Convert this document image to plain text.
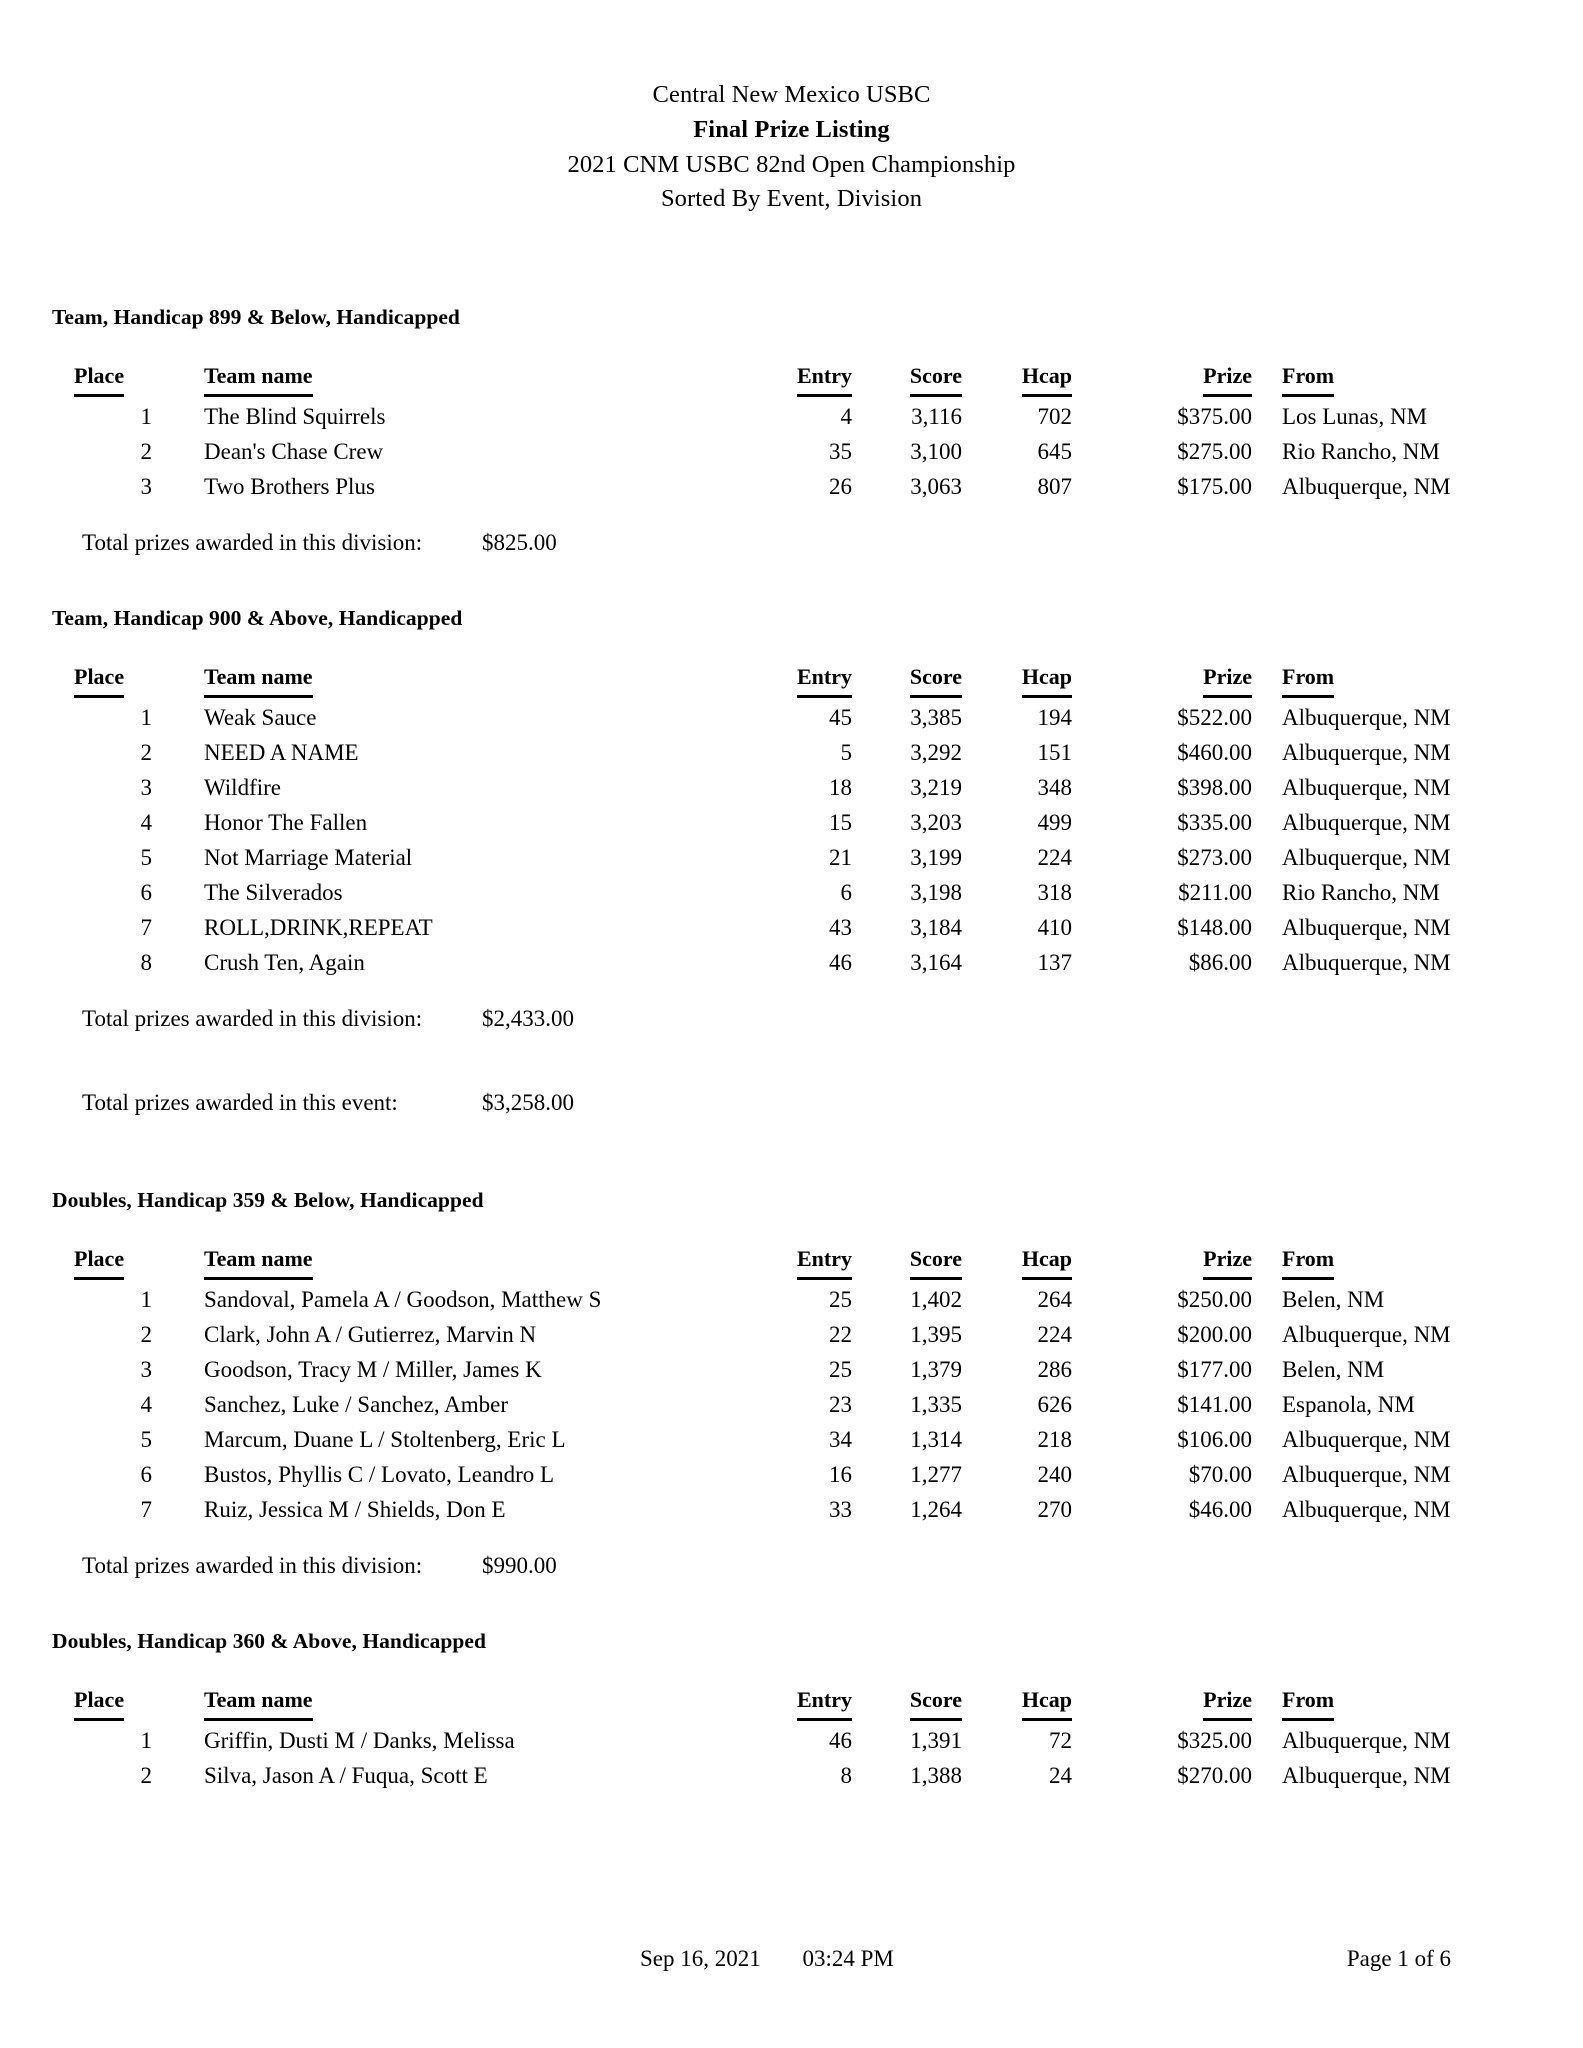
Central New Mexico USBC
Final Prize Listing
2021 CNM USBC 82nd Open Championship
Sorted By Event, Division
Team, Handicap 899 & Below, Handicapped
Place	Team name	Entry	Score	Hcap	Prize	From
1	The Blind Squirrels	4	3,116	702	$375.00	Los Lunas, NM
2	Dean's Chase Crew	35	3,100	645	$275.00	Rio Rancho, NM
3	Two Brothers Plus	26	3,063	807	$175.00	Albuquerque, NM
Total prizes awarded in this division:	$825.00
Team, Handicap 900 & Above, Handicapped
Place	Team name	Entry	Score	Hcap	Prize	From
1	Weak Sauce	45	3,385	194	$522.00	Albuquerque, NM
2	NEED A NAME	5	3,292	151	$460.00	Albuquerque, NM
3	Wildfire	18	3,219	348	$398.00	Albuquerque, NM
4	Honor The Fallen	15	3,203	499	$335.00	Albuquerque, NM
5	Not Marriage Material	21	3,199	224	$273.00	Albuquerque, NM
6	The Silverados	6	3,198	318	$211.00	Rio Rancho, NM
7	ROLL,DRINK,REPEAT	43	3,184	410	$148.00	Albuquerque, NM
8	Crush Ten, Again	46	3,164	137	$86.00	Albuquerque, NM
Total prizes awarded in this division:	$2,433.00
Total prizes awarded in this event:	$3,258.00
Doubles, Handicap 359 & Below, Handicapped
Place	Team name	Entry	Score	Hcap	Prize	From
1	Sandoval, Pamela A / Goodson, Matthew S	25	1,402	264	$250.00	Belen, NM
2	Clark, John A / Gutierrez, Marvin N	22	1,395	224	$200.00	Albuquerque, NM
3	Goodson, Tracy M / Miller, James K	25	1,379	286	$177.00	Belen, NM
4	Sanchez, Luke / Sanchez, Amber	23	1,335	626	$141.00	Espanola, NM
5	Marcum, Duane L / Stoltenberg, Eric L	34	1,314	218	$106.00	Albuquerque, NM
6	Bustos, Phyllis C / Lovato, Leandro L	16	1,277	240	$70.00	Albuquerque, NM
7	Ruiz, Jessica M / Shields, Don E	33	1,264	270	$46.00	Albuquerque, NM
Total prizes awarded in this division:	$990.00
Doubles, Handicap 360 & Above, Handicapped
Place	Team name	Entry	Score	Hcap	Prize	From
1	Griffin, Dusti M / Danks, Melissa	46	1,391	72	$325.00	Albuquerque, NM
2	Silva, Jason A / Fuqua, Scott E	8	1,388	24	$270.00	Albuquerque, NM
Sep 16, 2021 03:24 PM	Page 1 of 6
